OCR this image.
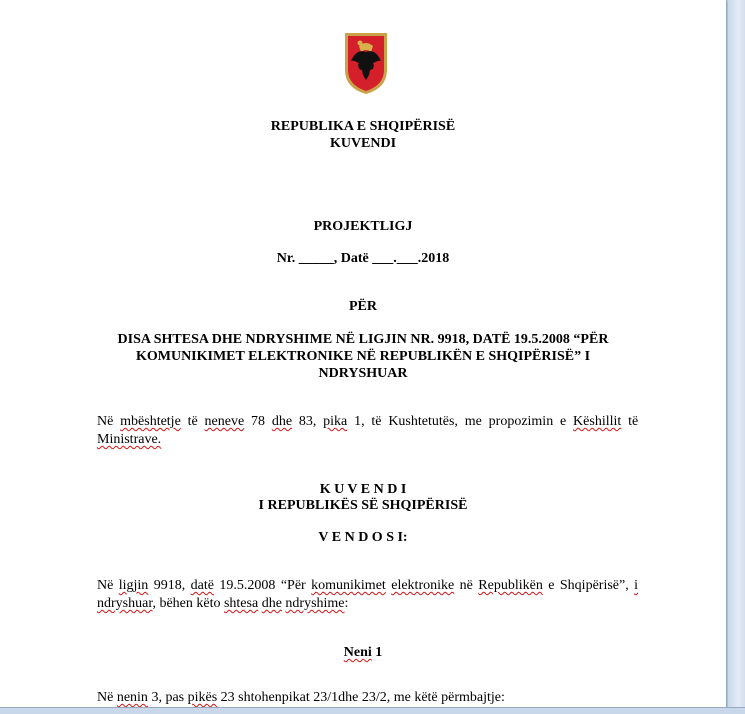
REPUBLIKA E SHQIPËRISË
KUVENDI
PROJEKTLIGJ
Nr. _____, Datë ___.___.2018
PËR
DISA SHTESA DHE NDRYSHIME NË LIGJIN NR. 9918, DATË 19.5.2008 “PËR
KOMUNIKIMET ELEKTRONIKE NË REPUBLIKËN E SHQIPËRISË” I
NDRYSHUAR
Në mbështetje të neneve 78 dhe 83, pika 1, të Kushtetutës, me propozimin e Këshillit të
Ministrave.
K U V E N D I
I REPUBLIKËS SË SHQIPËRISË
V E N D O S I:
Në ligjin 9918, datë 19.5.2008 “Për komunikimet elektronike në Republikën e Shqipërisë”, i
ndryshuar, bëhen këto shtesa dhe ndryshime:
Neni 1
Në nenin 3, pas pikës 23 shtohenpikat 23/1dhe 23/2, me këtë përmbajtje:
